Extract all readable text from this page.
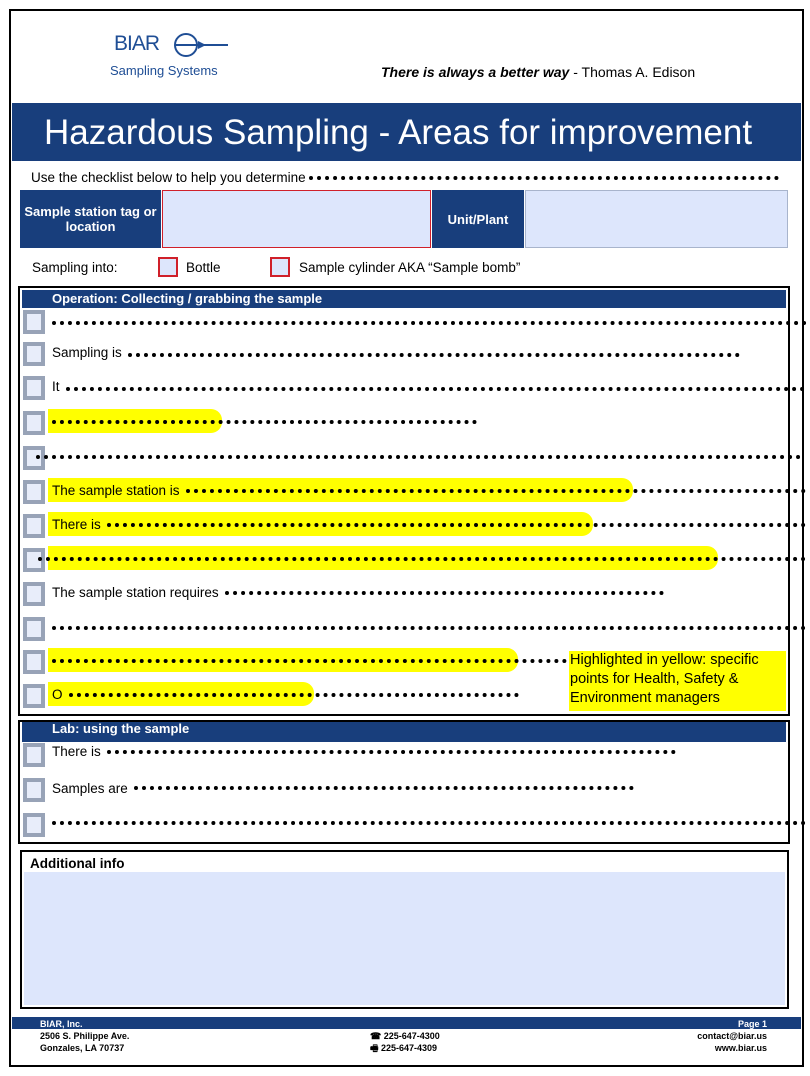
BIAR
Sampling Systems	There is always a better way - Thomas A. Edison
Hazardous Sampling - Areas for improvement
Use the checklist below to help you determine
Sample station tag or location	Unit/Plant
Sampling into:	Bottle	Sample cylinder AKA “Sample bomb”
Operation: Collecting / grabbing the sample
Sampling is
It
The sample station is
There is
The sample station requires
O
Highlighted in yellow: specific points for Health, Safety & Environment managers
Lab: using the sample
There is
Samples are
Additional info
BIAR, Inc.
2506 S. Philippe Ave.
Gonzales, LA 70737
☎ 225-647-4300
🖷 225-647-4309
Page 1
contact@biar.us
www.biar.us
